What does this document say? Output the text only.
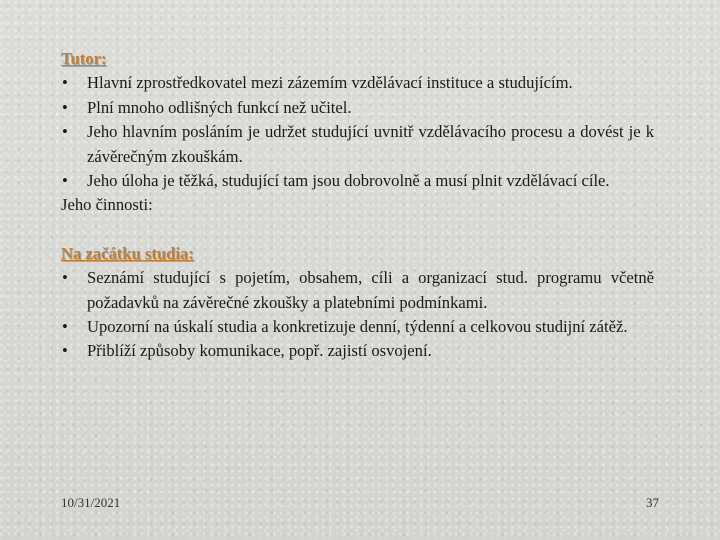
Tutor:

• Hlavní zprostředkovatel mezi zázemím vzdělávací instituce a studujícím.
• Plní mnoho odlišných funkcí než učitel.
• Jeho hlavním posláním je udržet studující uvnitř vzdělávacího procesu a dovést je k závěrečným zkouškám.
• Jeho úloha je těžká, studující tam jsou dobrovolně a musí plnit vzdělávací cíle.

Jeho činnosti:

Na začátku studia:

• Seznámí studující s pojetím, obsahem, cíli a organizací stud. programu včetně požadavků na závěrečné zkoušky a platebními podmínkami.
• Upozorní na úskalí studia a konkretizuje denní, týdenní a celkovou studijní zátěž.
• Přiblíží způsoby komunikace, popř. zajistí osvojení.
10/31/2021	37
